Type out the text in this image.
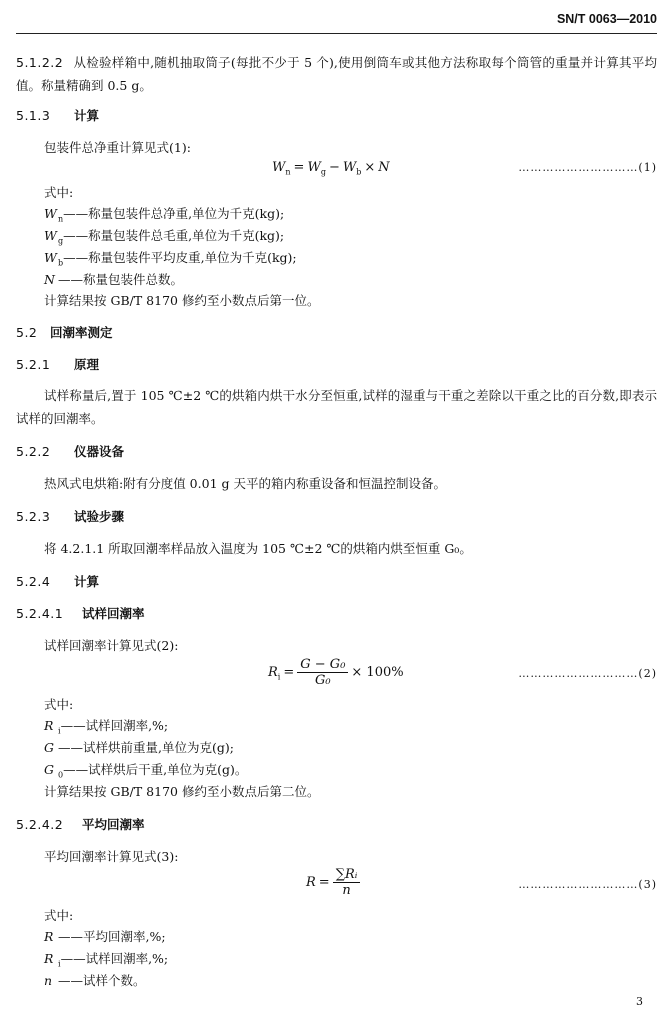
SN/T 0063—2010
5.1.2.2 从检验样箱中,随机抽取筒子(每批不少于 5 个),使用倒筒车或其他方法称取每个筒管的重量并计算其平均值。称量精确到 0.5 g。
5.1.3 计算
包装件总净重计算见式(1):
$W_n = W_g - W_b \times N$	…………………………(1)
式中:
$W_n——$称量包装件总净重,单位为千克(kg);
$W_g——$称量包装件总毛重,单位为千克(kg);
$W_b——$称量包装件平均皮重,单位为千克(kg);
N ——称量包装件总数。
计算结果按 GB/T 8170 修约至小数点后第一位。
5.2 回潮率测定
5.2.1 原理
试样称量后,置于 105 ℃±2 ℃的烘箱内烘干水分至恒重,试样的湿重与干重之差除以干重之比的百分数,即表示试样的回潮率。
5.2.2 仪器设备
热风式电烘箱:附有分度值 0.01 g 天平的箱内称重设备和恒温控制设备。
5.2.3 试验步骤
将 4.2.1.1 所取回潮率样品放入温度为 105 ℃±2 ℃的烘箱内烘至恒重 G₀。
5.2.4 计算
5.2.4.1 试样回潮率
试样回潮率计算见式(2):
$R_i = \frac{\text{G − G₀}}{\text{G₀}} \times 100\%$	…………………………(2)
式中:
R $_i$——试样回潮率,%;
G ——试样烘前重量,单位为克(g);
G $_0$——试样烘后干重,单位为克(g)。
计算结果按 GB/T 8170 修约至小数点后第二位。
5.2.4.2 平均回潮率
平均回潮率计算见式(3):
$R = \frac{\text{∑Rᵢ}}{n}$	…………………………(3)
式中:
R ——平均回潮率,%;
R $_i$——试样回潮率,%;
n ——试样个数。
3
